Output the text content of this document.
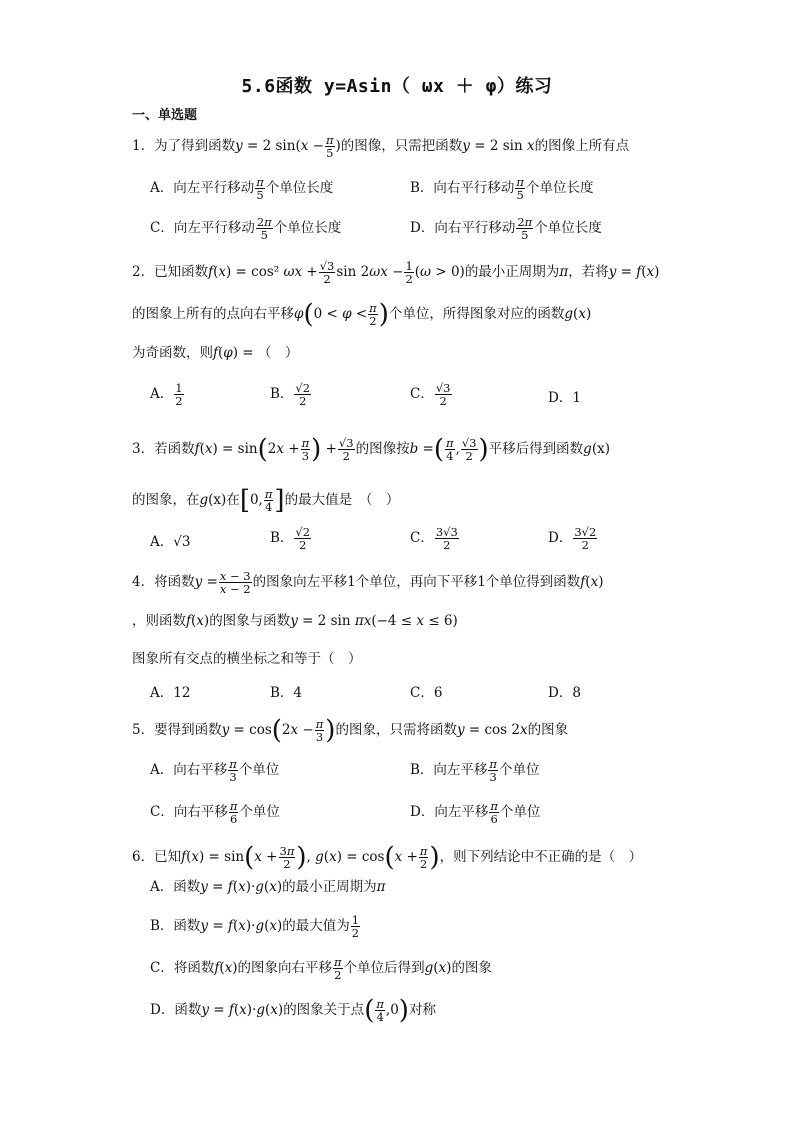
5.6函数 y=Asin（ ωx ＋ φ）练习
一、单选题
1．为了得到函数y = 2 $\sin(x - \frac{\pi}{5}$ )的图像，只需把函数y = 2 sin x的图像上所有点
A．向左平行移动 $\frac{\pi}{5}$ 个单位长度	B．向右平行移动 $\frac{\pi}{5}$ 个单位长度
C．向左平行移动 $\frac{2\pi}{5}$ 个单位长度	D．向右平行移动 $\frac{2\pi}{5}$ 个单位长度
2．已知函数f(x) = cos² $\omega x + \frac{√3}{2}$ $\sin 2\omega x - \frac{1}{2} (\omega > 0)$的最小正周期为π，若将y = f(x)
的图象上所有的点向右平移$\varphi(0 < \varphi < \frac{\pi}{2}$ )个单位，所得图象对应的函数g(x)
为奇函数，则f(φ) = （　）
A． $\frac{1}{2}$	B． $\frac{√2}{2}$	C． $\frac{√3}{2}$	D．1
3．若函数$f(x) = \sin(2x + \frac{\pi}{3}$ ) + $\frac{√3}{2}$ 的图像按b =( $\frac{\pi}{4}$ , $\frac{√3}{2}$ )平移后得到函数g(x)
的图象，在g(x)在[0, $\frac{\pi}{4}$ ]的最大值是　（　）
A．√3	B． $\frac{√2}{2}$	C． $\frac{3√3}{2}$	D． $\frac{3√2}{2}$
4．将函数$y = \frac{x - 3}{x - 2}$ 的图象向左平移1个单位，再向下平移1个单位得到函数f(x)
，则函数f(x)的图象与函数y = 2 sin πx(−4 ≤ x ≤ 6)
图象所有交点的横坐标之和等于（　）
A．12	B．4	C．6	D．8
5．要得到函数$y = \cos(2x - \frac{\pi}{3}$ )的图象，只需将函数y = cos 2x的图象
A．向右平移 $\frac{\pi}{3}$ 个单位	B．向左平移 $\frac{\pi}{3}$ 个单位
C．向右平移 $\frac{\pi}{6}$ 个单位	D．向左平移 $\frac{\pi}{6}$ 个单位
6．已知$f(x) = \sin(x + \frac{3\pi}{2}$ ), $g(x) = \cos(x + \frac{\pi}{2}$ )，则下列结论中不正确的是（　）
A．函数y = f(x)·g(x)的最小正周期为π
B．函数y = f(x)·g(x)的最大值为 $\frac{1}{2}$
C．将函数f(x)的图象向右平移 $\frac{\pi}{2}$ 个单位后得到g(x)的图象
D．函数y = f(x)·g(x)的图象关于点( $\frac{\pi}{4} ,0$)对称
